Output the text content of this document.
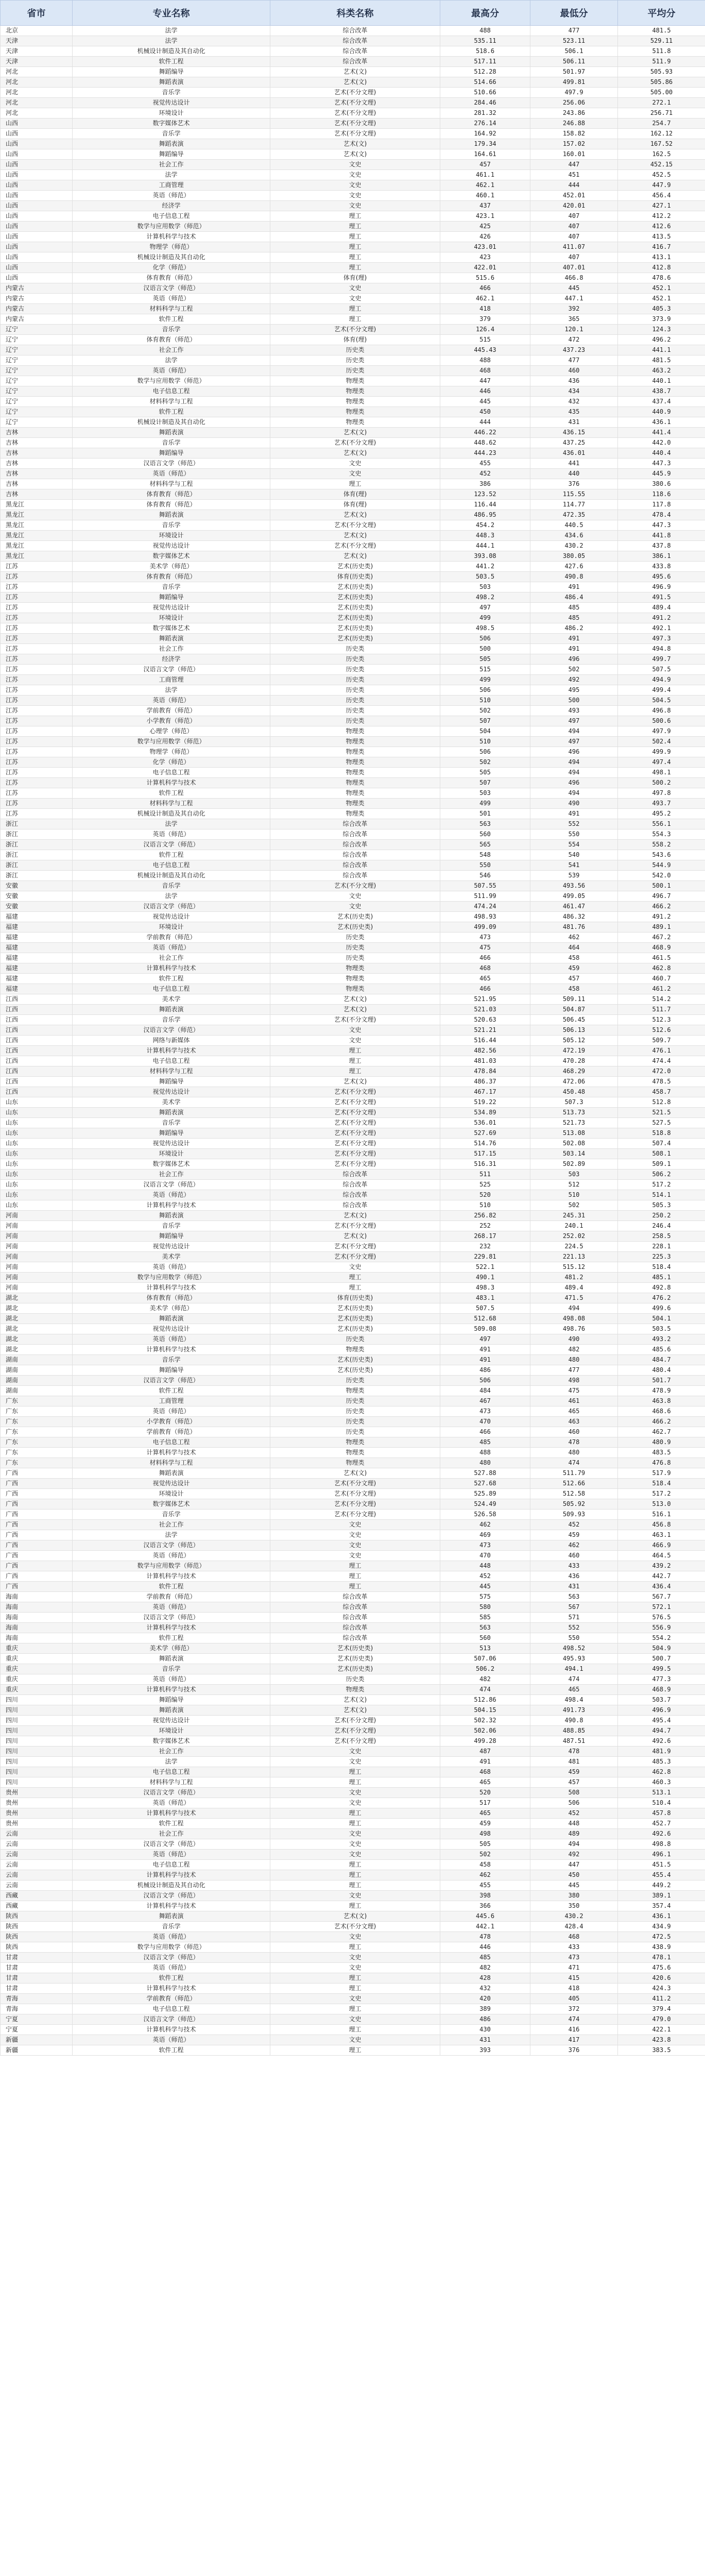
省市	专业名称	科类名称	最高分	最低分	平均分
北京	法学	综合改革	488	477	481.5
天津	法学	综合改革	535.11	523.11	529.11
天津	机械设计制造及其自动化	综合改革	518.6	506.1	511.8
天津	软件工程	综合改革	517.11	506.11	511.9
河北	舞蹈编导	艺术(文)	512.28	501.97	505.93
河北	舞蹈表演	艺术(文)	514.66	499.81	505.86
河北	音乐学	艺术(不分文理)	510.66	497.9	505.00
河北	视觉传达设计	艺术(不分文理)	284.46	256.06	272.1
河北	环境设计	艺术(不分文理)	281.32	243.86	256.71
山西	数字媒体艺术	艺术(不分文理)	276.14	246.88	254.7
山西	音乐学	艺术(不分文理)	164.92	158.82	162.12
山西	舞蹈表演	艺术(文)	179.34	157.02	167.52
山西	舞蹈编导	艺术(文)	164.61	160.01	162.5
山西	社会工作	文史	457	447	452.15
山西	法学	文史	461.1	451	452.5
山西	工商管理	文史	462.1	444	447.9
山西	英语（师范）	文史	460.1	452.01	456.4
山西	经济学	文史	437	420.01	427.1
山西	电子信息工程	理工	423.1	407	412.2
山西	数学与应用数学（师范）	理工	425	407	412.6
山西	计算机科学与技术	理工	426	407	413.5
山西	物理学（师范）	理工	423.01	411.07	416.7
山西	机械设计制造及其自动化	理工	423	407	413.1
山西	化学（师范）	理工	422.01	407.01	412.8
山西	体育教育（师范）	体育(理)	515.6	466.8	478.6
内蒙古	汉语言文学（师范）	文史	466	445	452.1
内蒙古	英语（师范）	文史	462.1	447.1	452.1
内蒙古	材料科学与工程	理工	418	392	405.3
内蒙古	软件工程	理工	379	365	373.9
辽宁	音乐学	艺术(不分文理)	126.4	120.1	124.3
辽宁	体育教育（师范）	体育(理)	515	472	496.2
辽宁	社会工作	历史类	445.43	437.23	441.1
辽宁	法学	历史类	488	477	481.5
辽宁	英语（师范）	历史类	468	460	463.2
辽宁	数学与应用数学（师范）	物理类	447	436	440.1
辽宁	电子信息工程	物理类	446	434	438.7
辽宁	材料科学与工程	物理类	445	432	437.4
辽宁	软件工程	物理类	450	435	440.9
辽宁	机械设计制造及其自动化	物理类	444	431	436.1
吉林	舞蹈表演	艺术(文)	446.22	436.15	441.4
吉林	音乐学	艺术(不分文理)	448.62	437.25	442.0
吉林	舞蹈编导	艺术(文)	444.23	436.01	440.4
吉林	汉语言文学（师范）	文史	455	441	447.3
吉林	英语（师范）	文史	452	440	445.9
吉林	材料科学与工程	理工	386	376	380.6
吉林	体育教育（师范）	体育(理)	123.52	115.55	118.6
黑龙江	体育教育（师范）	体育(理)	116.44	114.77	117.8
黑龙江	舞蹈表演	艺术(文)	486.95	472.35	478.4
黑龙江	音乐学	艺术(不分文理)	454.2	440.5	447.3
黑龙江	环境设计	艺术(文)	448.3	434.6	441.8
黑龙江	视觉传达设计	艺术(不分文理)	444.1	430.2	437.8
黑龙江	数字媒体艺术	艺术(文)	393.08	380.05	386.1
江苏	美术学（师范）	艺术(历史类)	441.2	427.6	433.8
江苏	体育教育（师范）	体育(历史类)	503.5	490.8	495.6
江苏	音乐学	艺术(历史类)	503	491	496.9
江苏	舞蹈编导	艺术(历史类)	498.2	486.4	491.5
江苏	视觉传达设计	艺术(历史类)	497	485	489.4
江苏	环境设计	艺术(历史类)	499	485	491.2
江苏	数字媒体艺术	艺术(历史类)	498.5	486.2	492.1
江苏	舞蹈表演	艺术(历史类)	506	491	497.3
江苏	社会工作	历史类	500	491	494.8
江苏	经济学	历史类	505	496	499.7
江苏	汉语言文学（师范）	历史类	515	502	507.5
江苏	工商管理	历史类	499	492	494.9
江苏	法学	历史类	506	495	499.4
江苏	英语（师范）	历史类	510	500	504.5
江苏	学前教育（师范）	历史类	502	493	496.8
江苏	小学教育（师范）	历史类	507	497	500.6
江苏	心理学（师范）	物理类	504	494	497.9
江苏	数学与应用数学（师范）	物理类	510	497	502.4
江苏	物理学（师范）	物理类	506	496	499.9
江苏	化学（师范）	物理类	502	494	497.4
江苏	电子信息工程	物理类	505	494	498.1
江苏	计算机科学与技术	物理类	507	496	500.2
江苏	软件工程	物理类	503	494	497.8
江苏	材料科学与工程	物理类	499	490	493.7
江苏	机械设计制造及其自动化	物理类	501	491	495.2
浙江	法学	综合改革	563	552	556.1
浙江	英语（师范）	综合改革	560	550	554.3
浙江	汉语言文学（师范）	综合改革	565	554	558.2
浙江	软件工程	综合改革	548	540	543.6
浙江	电子信息工程	综合改革	550	541	544.9
浙江	机械设计制造及其自动化	综合改革	546	539	542.0
安徽	音乐学	艺术(不分文理)	507.55	493.56	500.1
安徽	法学	文史	511.99	499.05	496.7
安徽	汉语言文学（师范）	文史	474.24	461.47	466.2
福建	视觉传达设计	艺术(历史类)	498.93	486.32	491.2
福建	环境设计	艺术(历史类)	499.09	481.76	489.1
福建	学前教育（师范）	历史类	473	462	467.2
福建	英语（师范）	历史类	475	464	468.9
福建	社会工作	历史类	466	458	461.5
福建	计算机科学与技术	物理类	468	459	462.8
福建	软件工程	物理类	465	457	460.7
福建	电子信息工程	物理类	466	458	461.2
江西	美术学	艺术(文)	521.95	509.11	514.2
江西	舞蹈表演	艺术(文)	521.03	504.87	511.7
江西	音乐学	艺术(不分文理)	520.63	506.45	512.3
江西	汉语言文学（师范）	文史	521.21	506.13	512.6
江西	网络与新媒体	文史	516.44	505.12	509.7
江西	计算机科学与技术	理工	482.56	472.19	476.1
江西	电子信息工程	理工	481.03	470.28	474.4
江西	材料科学与工程	理工	478.84	468.29	472.0
江西	舞蹈编导	艺术(文)	486.37	472.06	478.5
江西	视觉传达设计	艺术(不分文理)	467.17	450.48	458.7
山东	美术学	艺术(不分文理)	519.22	507.3	512.8
山东	舞蹈表演	艺术(不分文理)	534.89	513.73	521.5
山东	音乐学	艺术(不分文理)	536.01	521.73	527.5
山东	舞蹈编导	艺术(不分文理)	527.69	513.08	518.8
山东	视觉传达设计	艺术(不分文理)	514.76	502.08	507.4
山东	环境设计	艺术(不分文理)	517.15	503.14	508.1
山东	数字媒体艺术	艺术(不分文理)	516.31	502.89	509.1
山东	社会工作	综合改革	511	503	506.2
山东	汉语言文学（师范）	综合改革	525	512	517.2
山东	英语（师范）	综合改革	520	510	514.1
山东	计算机科学与技术	综合改革	510	502	505.3
河南	舞蹈表演	艺术(文)	256.82	245.31	250.2
河南	音乐学	艺术(不分文理)	252	240.1	246.4
河南	舞蹈编导	艺术(文)	268.17	252.02	258.5
河南	视觉传达设计	艺术(不分文理)	232	224.5	228.1
河南	美术学	艺术(不分文理)	229.81	221.13	225.3
河南	英语（师范）	文史	522.1	515.12	518.4
河南	数学与应用数学（师范）	理工	490.1	481.2	485.1
河南	计算机科学与技术	理工	498.3	489.4	492.8
湖北	体育教育（师范）	体育(历史类)	483.1	471.5	476.2
湖北	美术学（师范）	艺术(历史类)	507.5	494	499.6
湖北	舞蹈表演	艺术(历史类)	512.68	498.08	504.1
湖北	视觉传达设计	艺术(历史类)	509.08	498.76	503.5
湖北	英语（师范）	历史类	497	490	493.2
湖北	计算机科学与技术	物理类	491	482	485.6
湖南	音乐学	艺术(历史类)	491	480	484.7
湖南	舞蹈编导	艺术(历史类)	486	477	480.4
湖南	汉语言文学（师范）	历史类	506	498	501.7
湖南	软件工程	物理类	484	475	478.9
广东	工商管理	历史类	467	461	463.8
广东	英语（师范）	历史类	473	465	468.6
广东	小学教育（师范）	历史类	470	463	466.2
广东	学前教育（师范）	历史类	466	460	462.7
广东	电子信息工程	物理类	485	478	480.9
广东	计算机科学与技术	物理类	488	480	483.5
广东	材料科学与工程	物理类	480	474	476.8
广西	舞蹈表演	艺术(文)	527.88	511.79	517.9
广西	视觉传达设计	艺术(不分文理)	527.68	512.66	518.4
广西	环境设计	艺术(不分文理)	525.89	512.58	517.2
广西	数字媒体艺术	艺术(不分文理)	524.49	505.92	513.0
广西	音乐学	艺术(不分文理)	526.58	509.93	516.1
广西	社会工作	文史	462	452	456.8
广西	法学	文史	469	459	463.1
广西	汉语言文学（师范）	文史	473	462	466.9
广西	英语（师范）	文史	470	460	464.5
广西	数学与应用数学（师范）	理工	448	433	439.2
广西	计算机科学与技术	理工	452	436	442.7
广西	软件工程	理工	445	431	436.4
海南	学前教育（师范）	综合改革	575	563	567.7
海南	英语（师范）	综合改革	580	567	572.1
海南	汉语言文学（师范）	综合改革	585	571	576.5
海南	计算机科学与技术	综合改革	563	552	556.9
海南	软件工程	综合改革	560	550	554.2
重庆	美术学（师范）	艺术(历史类)	513	498.52	504.9
重庆	舞蹈表演	艺术(历史类)	507.06	495.93	500.7
重庆	音乐学	艺术(历史类)	506.2	494.1	499.5
重庆	英语（师范）	历史类	482	474	477.3
重庆	计算机科学与技术	物理类	474	465	468.9
四川	舞蹈编导	艺术(文)	512.86	498.4	503.7
四川	舞蹈表演	艺术(文)	504.15	491.73	496.9
四川	视觉传达设计	艺术(不分文理)	502.32	490.8	495.4
四川	环境设计	艺术(不分文理)	502.06	488.85	494.7
四川	数字媒体艺术	艺术(不分文理)	499.28	487.51	492.6
四川	社会工作	文史	487	478	481.9
四川	法学	文史	491	481	485.3
四川	电子信息工程	理工	468	459	462.8
四川	材料科学与工程	理工	465	457	460.3
贵州	汉语言文学（师范）	文史	520	508	513.1
贵州	英语（师范）	文史	517	506	510.4
贵州	计算机科学与技术	理工	465	452	457.8
贵州	软件工程	理工	459	448	452.7
云南	社会工作	文史	498	489	492.6
云南	汉语言文学（师范）	文史	505	494	498.8
云南	英语（师范）	文史	502	492	496.1
云南	电子信息工程	理工	458	447	451.5
云南	计算机科学与技术	理工	462	450	455.4
云南	机械设计制造及其自动化	理工	455	445	449.2
西藏	汉语言文学（师范）	文史	398	380	389.1
西藏	计算机科学与技术	理工	366	350	357.4
陕西	舞蹈表演	艺术(文)	445.6	430.2	436.1
陕西	音乐学	艺术(不分文理)	442.1	428.4	434.9
陕西	英语（师范）	文史	478	468	472.5
陕西	数学与应用数学（师范）	理工	446	433	438.9
甘肃	汉语言文学（师范）	文史	485	473	478.1
甘肃	英语（师范）	文史	482	471	475.6
甘肃	软件工程	理工	428	415	420.6
甘肃	计算机科学与技术	理工	432	418	424.3
青海	学前教育（师范）	文史	420	405	411.2
青海	电子信息工程	理工	389	372	379.4
宁夏	汉语言文学（师范）	文史	486	474	479.0
宁夏	计算机科学与技术	理工	430	416	422.1
新疆	英语（师范）	文史	431	417	423.8
新疆	软件工程	理工	393	376	383.5
